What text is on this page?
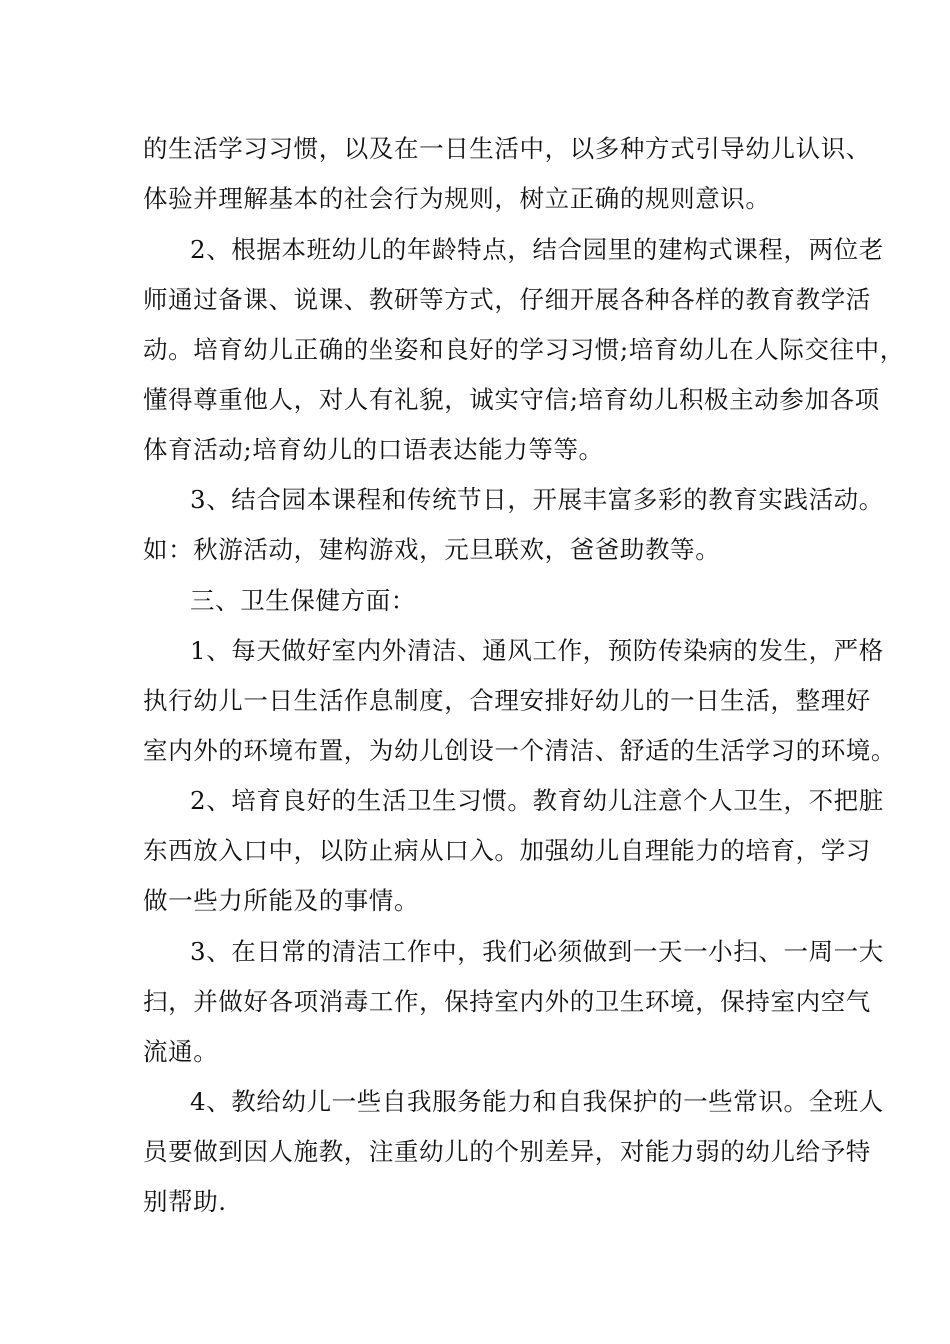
的生活学习习惯，以及在一日生活中，以多种方式引导幼儿认识、
体验并理解基本的社会行为规则，树立正确的规则意识。
2、根据本班幼儿的年龄特点，结合园里的建构式课程，两位老
师通过备课、说课、教研等方式，仔细开展各种各样的教育教学活
动。培育幼儿正确的坐姿和良好的学习习惯;培育幼儿在人际交往中，
懂得尊重他人，对人有礼貌，诚实守信;培育幼儿积极主动参加各项
体育活动;培育幼儿的口语表达能力等等。
3、结合园本课程和传统节日，开展丰富多彩的教育实践活动。
如：秋游活动，建构游戏，元旦联欢，爸爸助教等。
三、卫生保健方面：
1、每天做好室内外清洁、通风工作，预防传染病的发生，严格
执行幼儿一日生活作息制度，合理安排好幼儿的一日生活，整理好
室内外的环境布置，为幼儿创设一个清洁、舒适的生活学习的环境。
2、培育良好的生活卫生习惯。教育幼儿注意个人卫生，不把脏
东西放入口中，以防止病从口入。加强幼儿自理能力的培育，学习
做一些力所能及的事情。
3、在日常的清洁工作中，我们必须做到一天一小扫、一周一大
扫，并做好各项消毒工作，保持室内外的卫生环境，保持室内空气
流通。
4、教给幼儿一些自我服务能力和自我保护的一些常识。全班人
员要做到因人施教，注重幼儿的个别差异，对能力弱的幼儿给予特
别帮助.
